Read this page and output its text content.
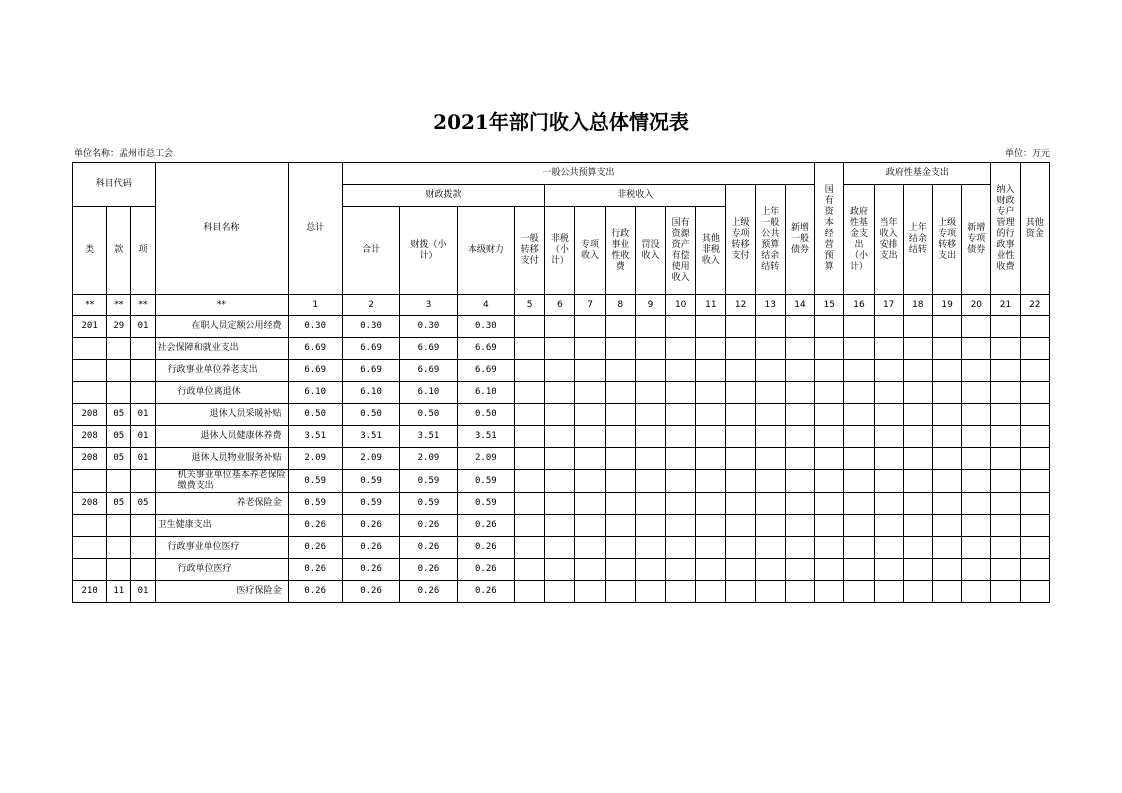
2021年部门收入总体情况表
单位名称：孟州市总工会	单位：万元
科目代码			科目名称	总计	一般公共预算支出													国有资本经营预算	政府性基金支出					纳入财政专户管理的行政事业性收费	其他资金
					财政拨款				非税收入						上级专项转移支付	上年一般公共预算结余结转	新增一般债券		政府性基金支出（小计）	当年收入安排支出	上年结余结转	上级专项转移支出	新增专项债券		
类	款	项			合计	财拨（小计）	本级财力	一般转移支付	非税（小计）	专项收入	行政事业性收费	罚没收入	国有资源资产有偿使用收入	其他非税收入											
**	**	**	**	1	2	3	4	5	6	7	8	9	10	11	12	13	14	15	16	17	18	19	20	21	22
201	29	01	在职人员定额公用经费	0.30	0.30	0.30	0.30																		
			社会保障和就业支出	6.69	6.69	6.69	6.69																		
			行政事业单位养老支出	6.69	6.69	6.69	6.69																		
			行政单位离退休	6.10	6.10	6.10	6.10																		
208	05	01	退休人员采暖补贴	0.50	0.50	0.50	0.50																		
208	05	01	退休人员健康休养费	3.51	3.51	3.51	3.51																		
208	05	01	退休人员物业服务补贴	2.09	2.09	2.09	2.09																		
			机关事业单位基本养老保险缴费支出	0.59	0.59	0.59	0.59																		
208	05	05	养老保险金	0.59	0.59	0.59	0.59																		
			卫生健康支出	0.26	0.26	0.26	0.26																		
			行政事业单位医疗	0.26	0.26	0.26	0.26																		
			行政单位医疗	0.26	0.26	0.26	0.26																		
210	11	01	医疗保险金	0.26	0.26	0.26	0.26																		
